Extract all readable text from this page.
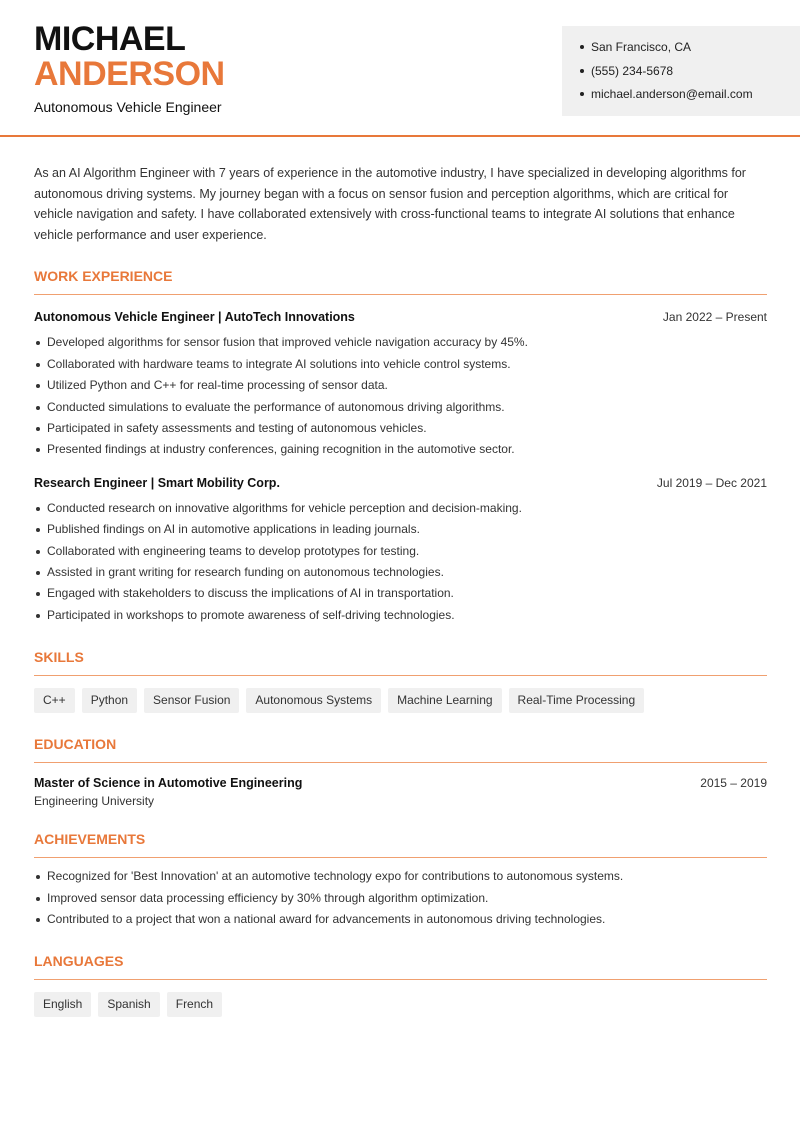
MICHAEL
ANDERSON
Autonomous Vehicle Engineer
San Francisco, CA
(555) 234-5678
michael.anderson@email.com

As an AI Algorithm Engineer with 7 years of experience in the automotive industry, I have specialized in developing algorithms for autonomous driving systems. My journey began with a focus on sensor fusion and perception algorithms, which are critical for vehicle navigation and safety. I have collaborated extensively with cross-functional teams to integrate AI solutions that enhance vehicle performance and user experience.

WORK EXPERIENCE
Autonomous Vehicle Engineer | AutoTech Innovations	Jan 2022 – Present
Developed algorithms for sensor fusion that improved vehicle navigation accuracy by 45%.
Collaborated with hardware teams to integrate AI solutions into vehicle control systems.
Utilized Python and C++ for real-time processing of sensor data.
Conducted simulations to evaluate the performance of autonomous driving algorithms.
Participated in safety assessments and testing of autonomous vehicles.
Presented findings at industry conferences, gaining recognition in the automotive sector.
Research Engineer | Smart Mobility Corp.	Jul 2019 – Dec 2021
Conducted research on innovative algorithms for vehicle perception and decision-making.
Published findings on AI in automotive applications in leading journals.
Collaborated with engineering teams to develop prototypes for testing.
Assisted in grant writing for research funding on autonomous technologies.
Engaged with stakeholders to discuss the implications of AI in transportation.
Participated in workshops to promote awareness of self-driving technologies.
SKILLS
C++	Python	Sensor Fusion	Autonomous Systems	Machine Learning	Real-Time Processing
EDUCATION
Master of Science in Automotive Engineering	2015 – 2019
Engineering University
ACHIEVEMENTS
Recognized for 'Best Innovation' at an automotive technology expo for contributions to autonomous systems.
Improved sensor data processing efficiency by 30% through algorithm optimization.
Contributed to a project that won a national award for advancements in autonomous driving technologies.
LANGUAGES
English	Spanish	French
